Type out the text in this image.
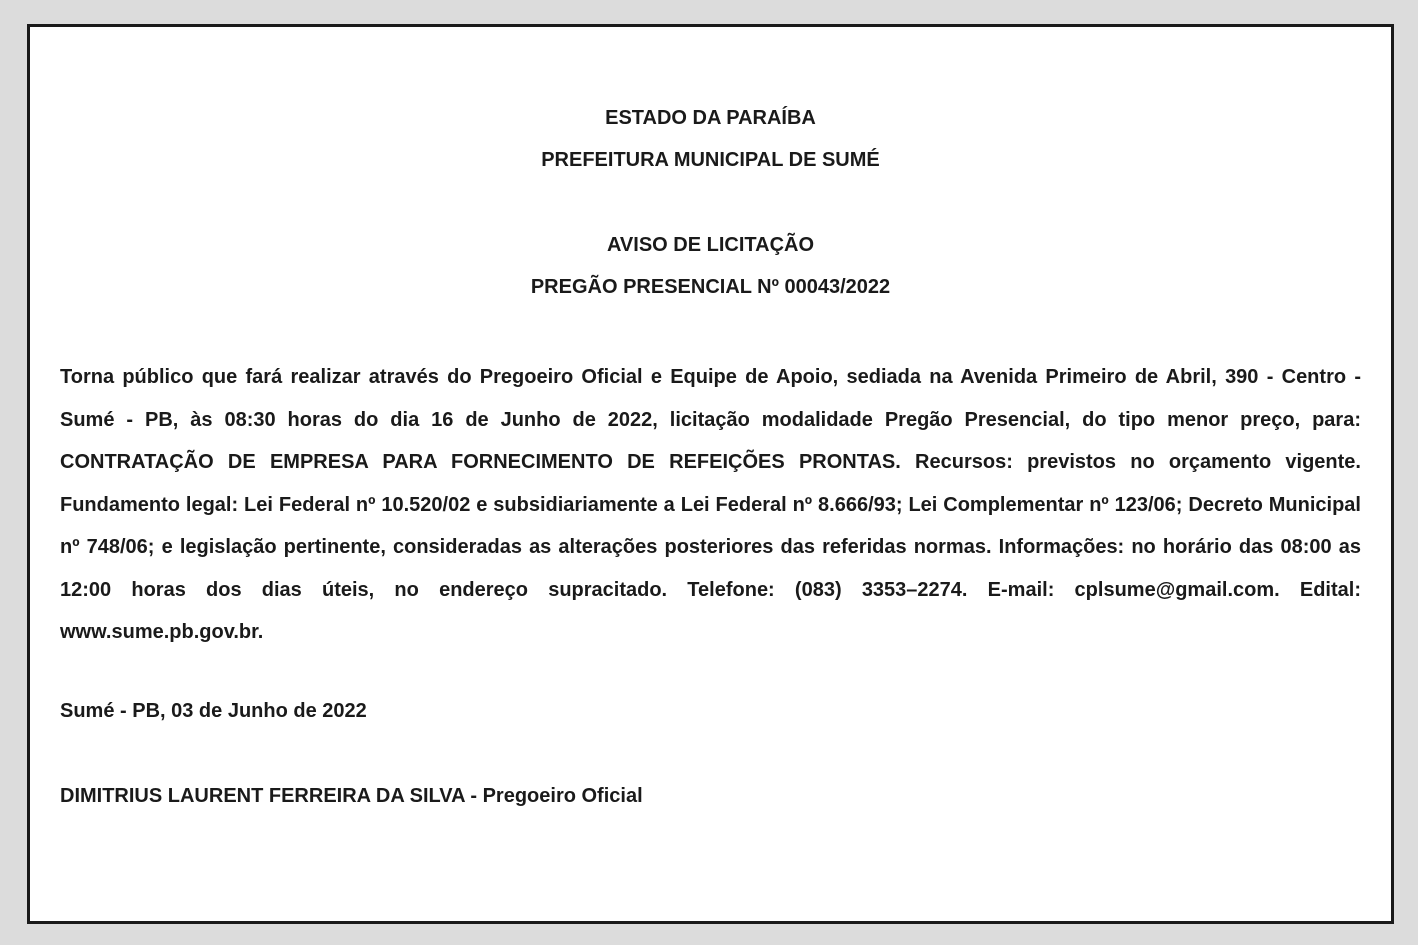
ESTADO DA PARAÍBA

PREFEITURA MUNICIPAL DE SUMÉ

AVISO DE LICITAÇÃO

PREGÃO PRESENCIAL Nº 00043/2022

Torna público que fará realizar através do Pregoeiro Oficial e Equipe de Apoio, sediada na Avenida Primeiro de Abril, 390 - Centro - Sumé - PB, às 08:30 horas do dia 16 de Junho de 2022, licitação modalidade Pregão Presencial, do tipo menor preço, para: CONTRATAÇÃO DE EMPRESA PARA FORNECIMENTO DE REFEIÇÕES PRONTAS. Recursos: previstos no orçamento vigente. Fundamento legal: Lei Federal nº 10.520/02 e subsidiariamente a Lei Federal nº 8.666/93; Lei Complementar nº 123/06; Decreto Municipal nº 748/06; e legislação pertinente, consideradas as alterações posteriores das referidas normas. Informações: no horário das 08:00 as 12:00 horas dos dias úteis, no endereço supracitado. Telefone: (083) 3353–2274. E-mail: cplsume@gmail.com. Edital: www.sume.pb.gov.br.

Sumé - PB, 03 de Junho de 2022

DIMITRIUS LAURENT FERREIRA DA SILVA - Pregoeiro Oficial
